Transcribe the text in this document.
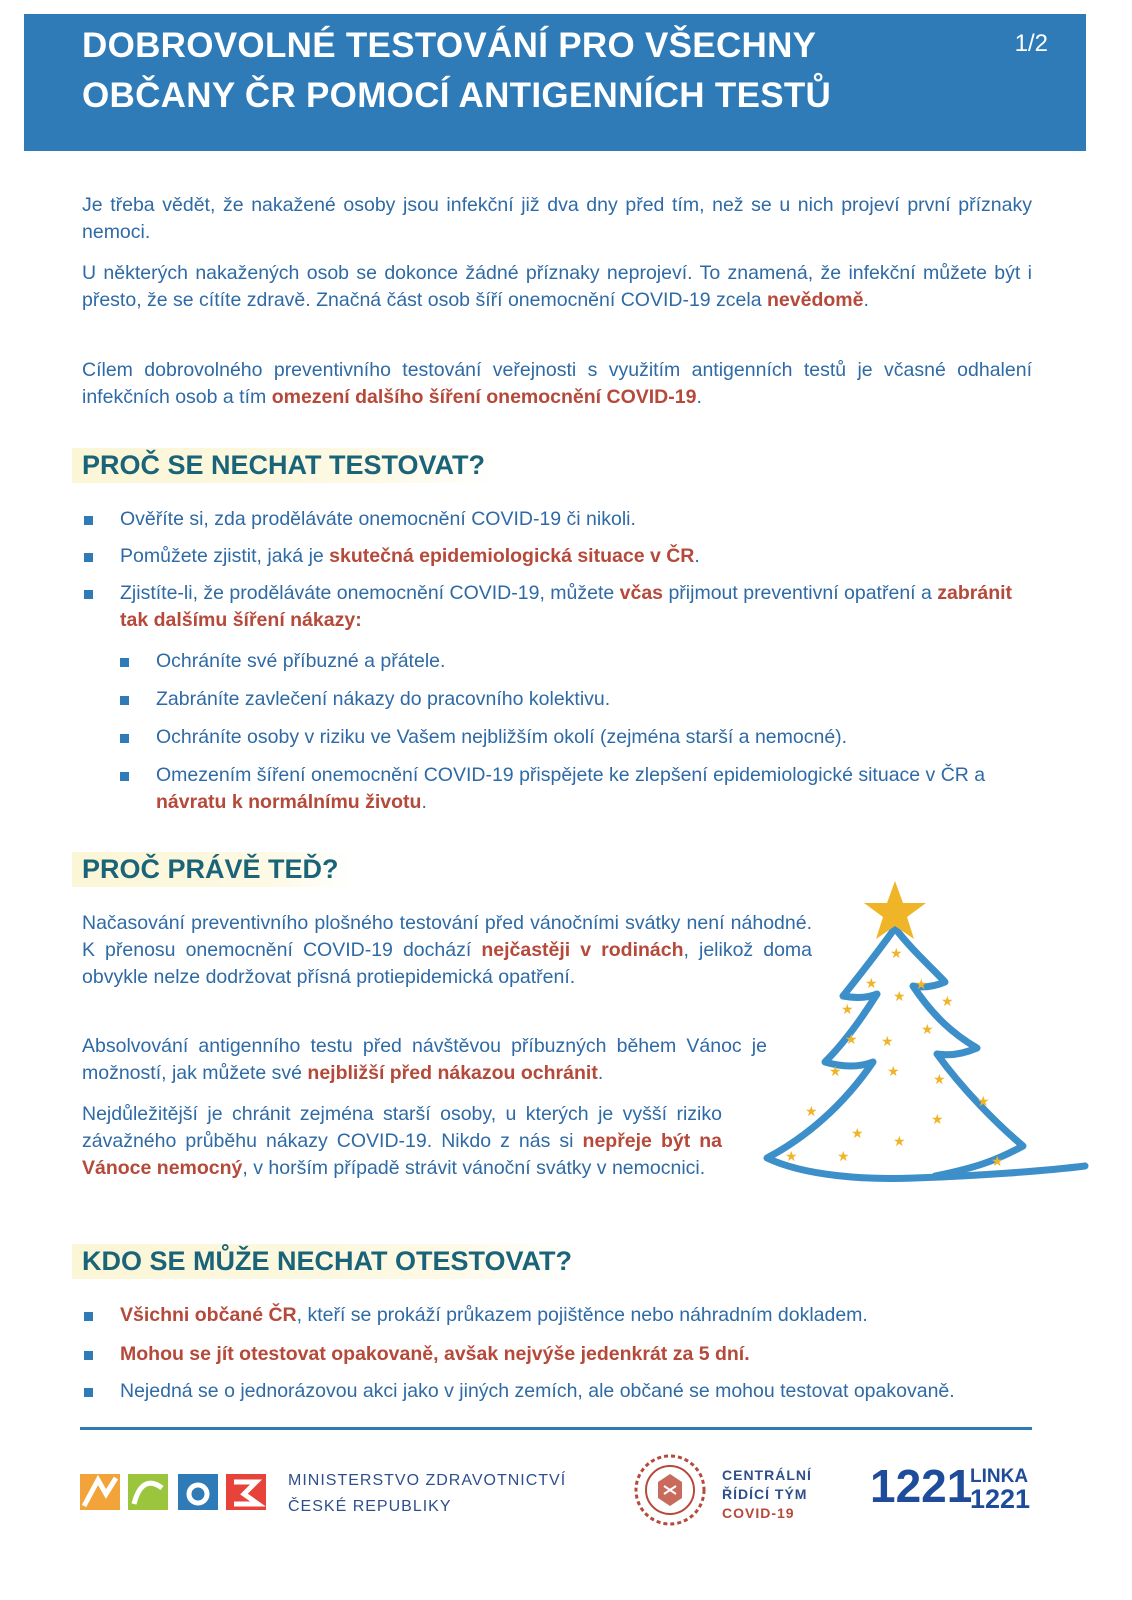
DOBROVOLNÉ TESTOVÁNÍ PRO VŠECHNY
OBČANY ČR POMOCÍ ANTIGENNÍCH TESTŮ
1/2

Je třeba vědět, že nakažené osoby jsou infekční již dva dny před tím, než se u nich projeví první příznaky nemoci.

U některých nakažených osob se dokonce žádné příznaky neprojeví. To znamená, že infekční můžete být i přesto, že se cítíte zdravě. Značná část osob šíří onemocnění COVID-19 zcela nevědomě.

Cílem dobrovolného preventivního testování veřejnosti s využitím antigenních testů je včasné odhalení infekčních osob a tím omezení dalšího šíření onemocnění COVID-19.

PROČ SE NECHAT TESTOVAT?
Ověříte si, zda proděláváte onemocnění COVID-19 či nikoli.
Pomůžete zjistit, jaká je skutečná epidemiologická situace v ČR.
Zjistíte-li, že proděláváte onemocnění COVID-19, můžete včas přijmout preventivní opatření a zabránit tak dalšímu šíření nákazy:
Ochráníte své příbuzné a přátele.
Zabráníte zavlečení nákazy do pracovního kolektivu.
Ochráníte osoby v riziku ve Vašem nejbližším okolí (zejména starší a nemocné).
Omezením šíření onemocnění COVID-19 přispějete ke zlepšení epidemiologické situace v ČR a návratu k normálnímu životu.
PROČ PRÁVĚ TEĎ?

Načasování preventivního plošného testování před vánočními svátky není náhodné. K přenosu onemocnění COVID-19 dochází nejčastěji v rodinách, jelikož doma obvykle nelze dodržovat přísná protiepidemická opatření.

Absolvování antigenního testu před návštěvou příbuzných během Vánoc je možností, jak můžete své nejbližší před nákazou ochránit.

Nejdůležitější je chránit zejména starší osoby, u kterých je vyšší riziko závažného průběhu nákazy COVID-19. Nikdo z nás si nepřeje být na Vánoce nemocný, v horším případě strávit vánoční svátky v nemocnici.

★
★
★
★
★	★
★ ★
★
★	★ ★
★
★
★
★
★	★
★
★
KDO SE MŮŽE NECHAT OTESTOVAT?
Všichni občané ČR, kteří se prokáží průkazem pojištěnce nebo náhradním dokladem.
Mohou se jít otestovat opakovaně, avšak nejvýše jedenkrát za 5 dní.
Nejedná se o jednorázovou akci jako v jiných zemích, ale občané se mohou testovat opakovaně.
MINISTERSTVO ZDRAVOTNICTVÍ
ČESKÉ REPUBLIKY
CENTRÁLNÍ
ŘÍDÍCÍ TÝM
COVID-19
1221
LINKA
1221
